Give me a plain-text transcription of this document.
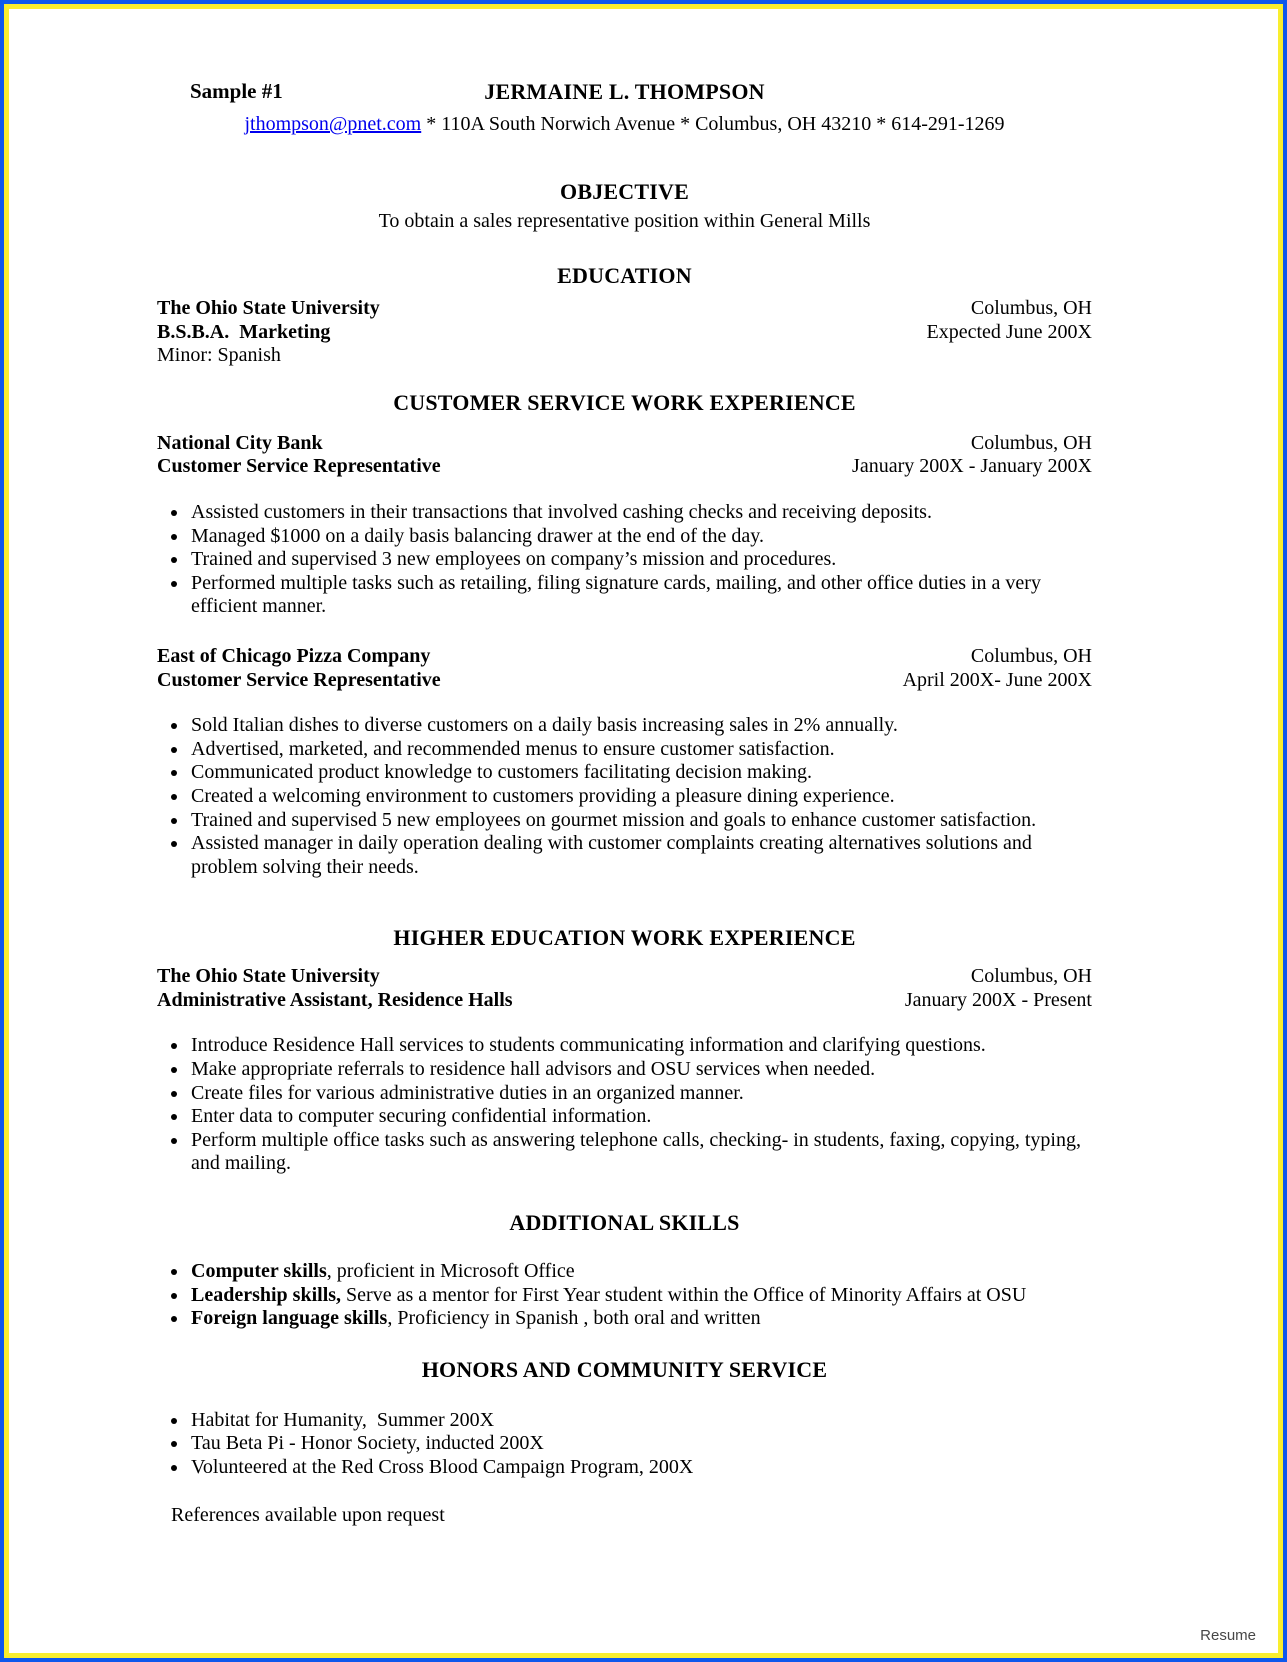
Sample #1	JERMAINE L. THOMPSON
jthompson@pnet.com * 110A South Norwich Avenue * Columbus, OH 43210 * 614-291-1269
OBJECTIVE
To obtain a sales representative position within General Mills
EDUCATION
The Ohio State University	Columbus, OH
B.S.B.A.  Marketing	Expected June 200X
Minor: Spanish
CUSTOMER SERVICE WORK EXPERIENCE
National City Bank	Columbus, OH
Customer Service Representative	January 200X - January 200X
• Assisted customers in their transactions that involved cashing checks and receiving deposits.
• Managed $1000 on a daily basis balancing drawer at the end of the day.
• Trained and supervised 3 new employees on company’s mission and procedures.
• Performed multiple tasks such as retailing, filing signature cards, mailing, and other office duties in a very efficient manner.
East of Chicago Pizza Company	Columbus, OH
Customer Service Representative	April 200X- June 200X
• Sold Italian dishes to diverse customers on a daily basis increasing sales in 2% annually.
• Advertised, marketed, and recommended menus to ensure customer satisfaction.
• Communicated product knowledge to customers facilitating decision making.
• Created a welcoming environment to customers providing a pleasure dining experience.
• Trained and supervised 5 new employees on gourmet mission and goals to enhance customer satisfaction.
• Assisted manager in daily operation dealing with customer complaints creating alternatives solutions and problem solving their needs.
HIGHER EDUCATION WORK EXPERIENCE
The Ohio State University	Columbus, OH
Administrative Assistant, Residence Halls	January 200X - Present
• Introduce Residence Hall services to students communicating information and clarifying questions.
• Make appropriate referrals to residence hall advisors and OSU services when needed.
• Create files for various administrative duties in an organized manner.
• Enter data to computer securing confidential information.
• Perform multiple office tasks such as answering telephone calls, checking- in students, faxing, copying, typing, and mailing.
ADDITIONAL SKILLS
• Computer skills, proficient in Microsoft Office
• Leadership skills, Serve as a mentor for First Year student within the Office of Minority Affairs at OSU
• Foreign language skills, Proficiency in Spanish , both oral and written
HONORS AND COMMUNITY SERVICE
• Habitat for Humanity,  Summer 200X
• Tau Beta Pi - Honor Society, inducted 200X
• Volunteered at the Red Cross Blood Campaign Program, 200X
References available upon request
Resume
